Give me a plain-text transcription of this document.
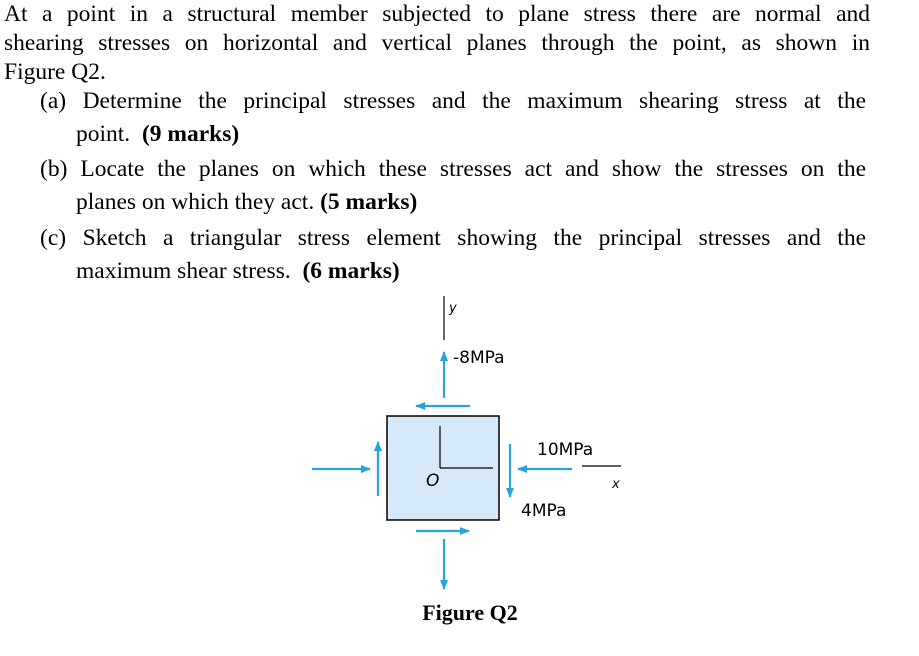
At a point in a structural member subjected to plane stress there are normal and
shearing stresses on horizontal and vertical planes through the point, as shown in
Figure Q2.
(a) Determine the principal stresses and the maximum shearing stress at the
point. (9 marks)
(b) Locate the planes on which these stresses act and show the stresses on the
planes on which they act. (5 marks)
(c) Sketch a triangular stress element showing the principal stresses and the
maximum shear stress. (6 marks)
y
-8MPa
O
10MPa
x
4MPa
Figure Q2
